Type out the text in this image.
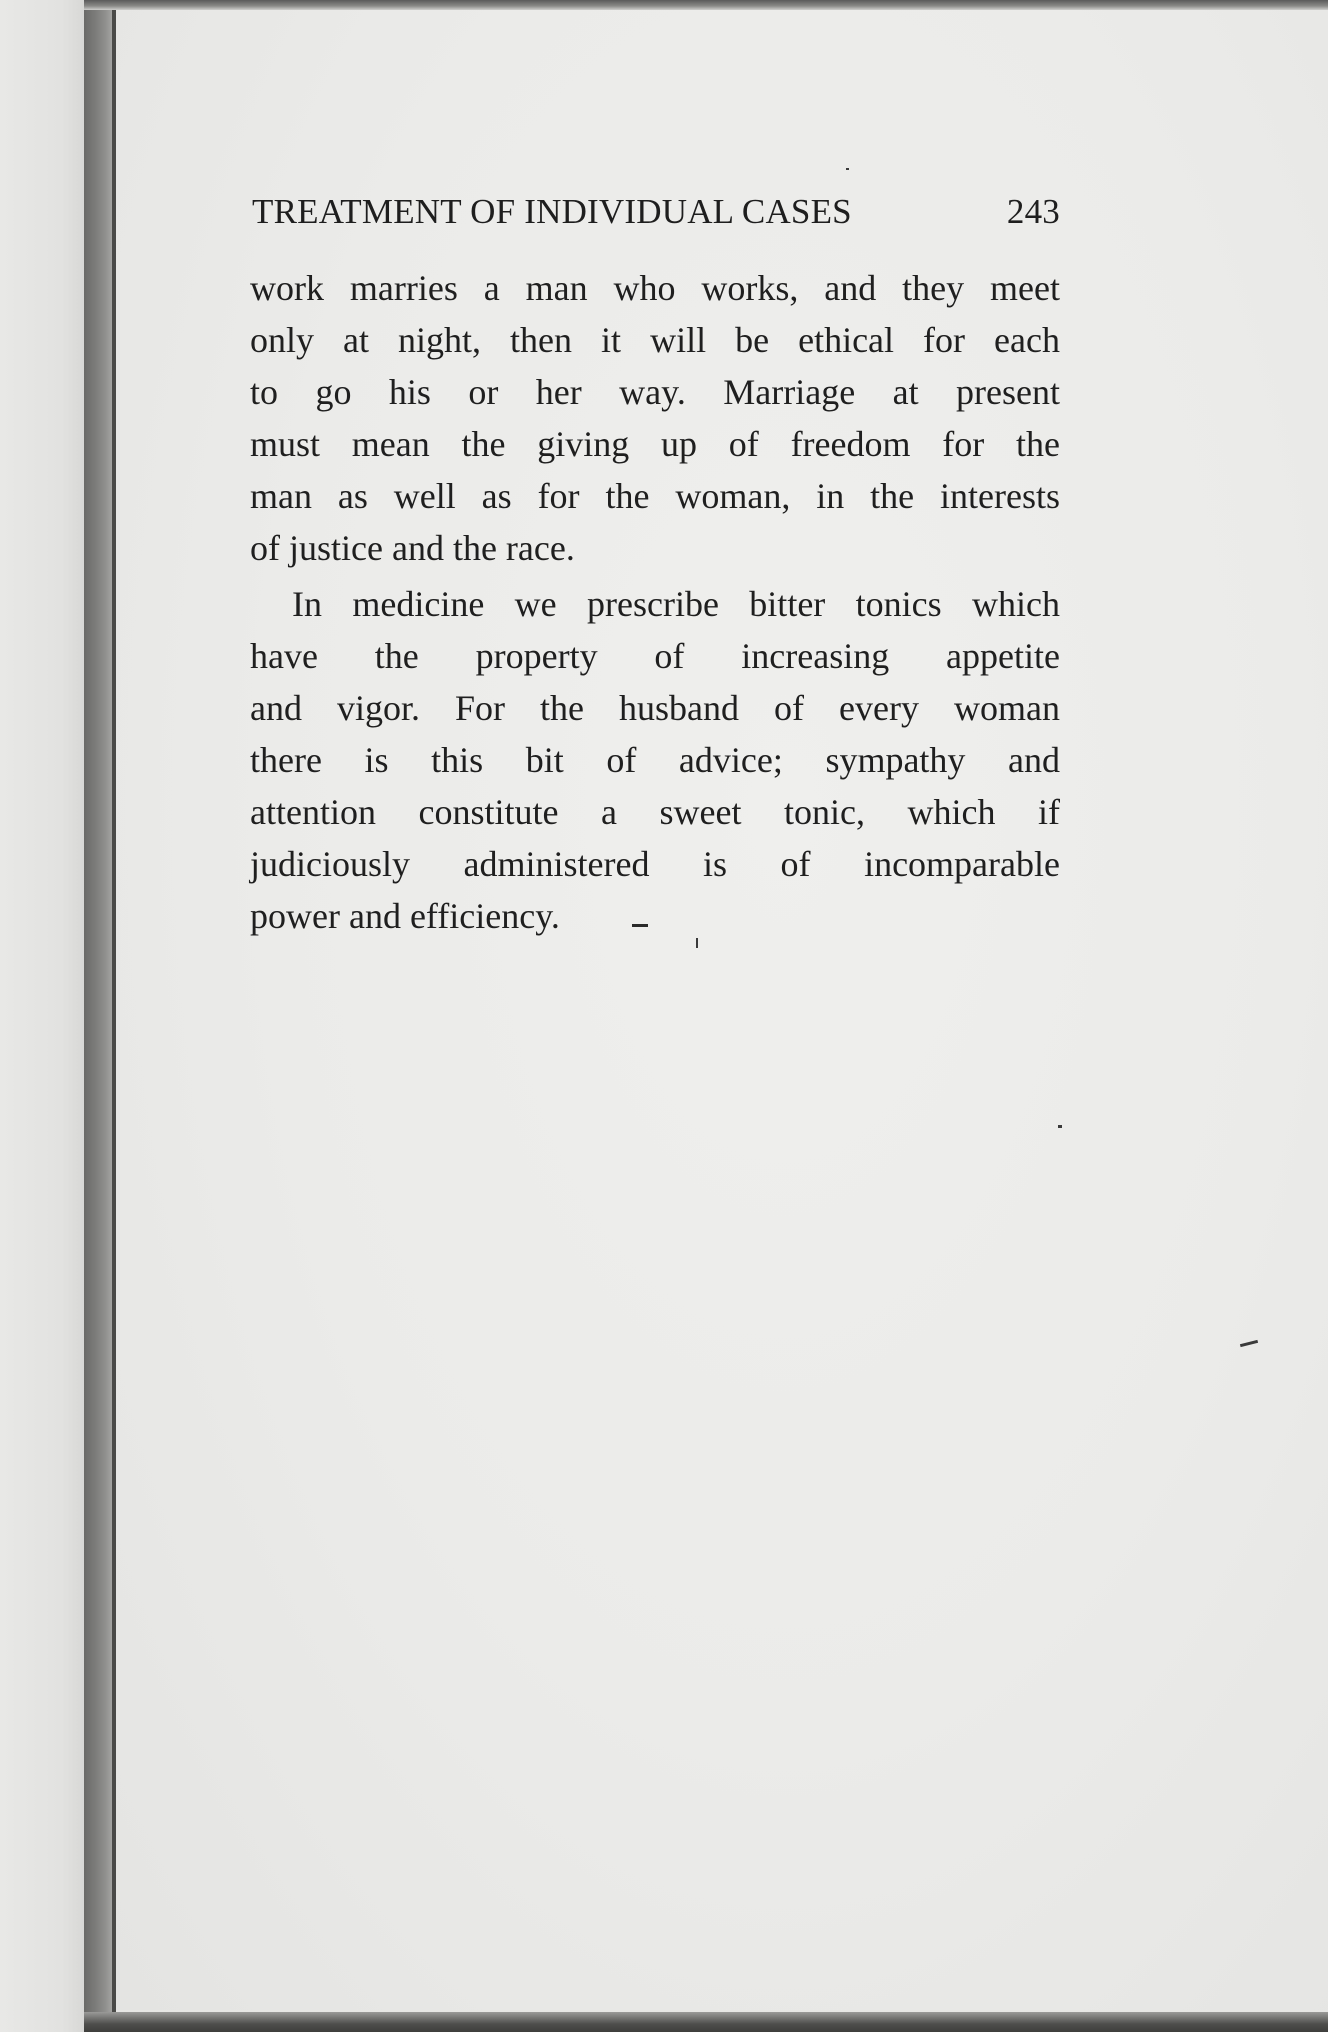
TREATMENT OF INDIVIDUAL CASES	243
work marries a man who works, and they meet
only at night, then it will be ethical for each
to go his or her way. Marriage at present
must mean the giving up of freedom for the
man as well as for the woman, in the interests
of justice and the race.
In medicine we prescribe bitter tonics which
have the property of increasing appetite
and vigor. For the husband of every woman
there is this bit of advice; sympathy and
attention constitute a sweet tonic, which if
judiciously administered is of incomparable
power and efficiency.
